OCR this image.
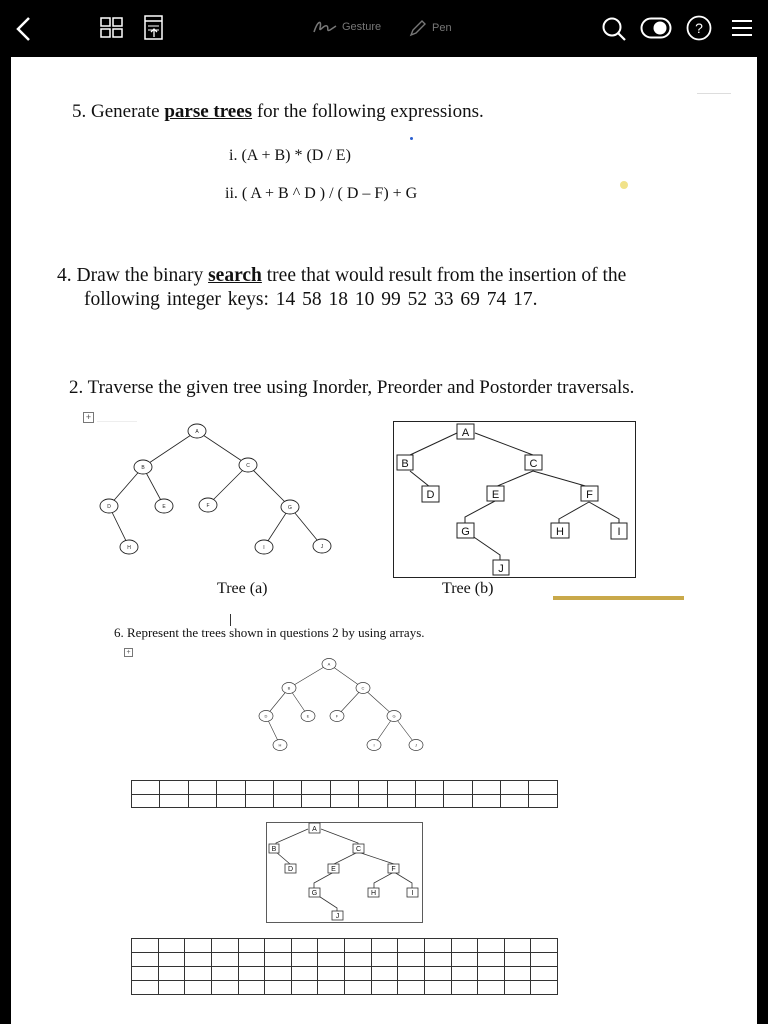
Gesture	Pen	?
5. Generate parse trees for the following expressions.
i. (A + B) * (D / E)
ii. ( A + B ^ D ) / ( D – F) + G
4. Draw the binary search tree that would result from the insertion of the
following integer keys: 14 58 18 10 99 52 33 69 74 17.
2. Traverse the given tree using Inorder, Preorder and Postorder traversals.
+
A
B	C
D	E	F	G
H	I	J
A
B	C
D	E	F
G	H	I
J
Tree (a)	Tree (b)
6. Represent the trees shown in questions 2 by using arrays.
+
A
B	C
D	E	F	G
H	I	J

A
B	C
D	E	F
G	H	I
J
